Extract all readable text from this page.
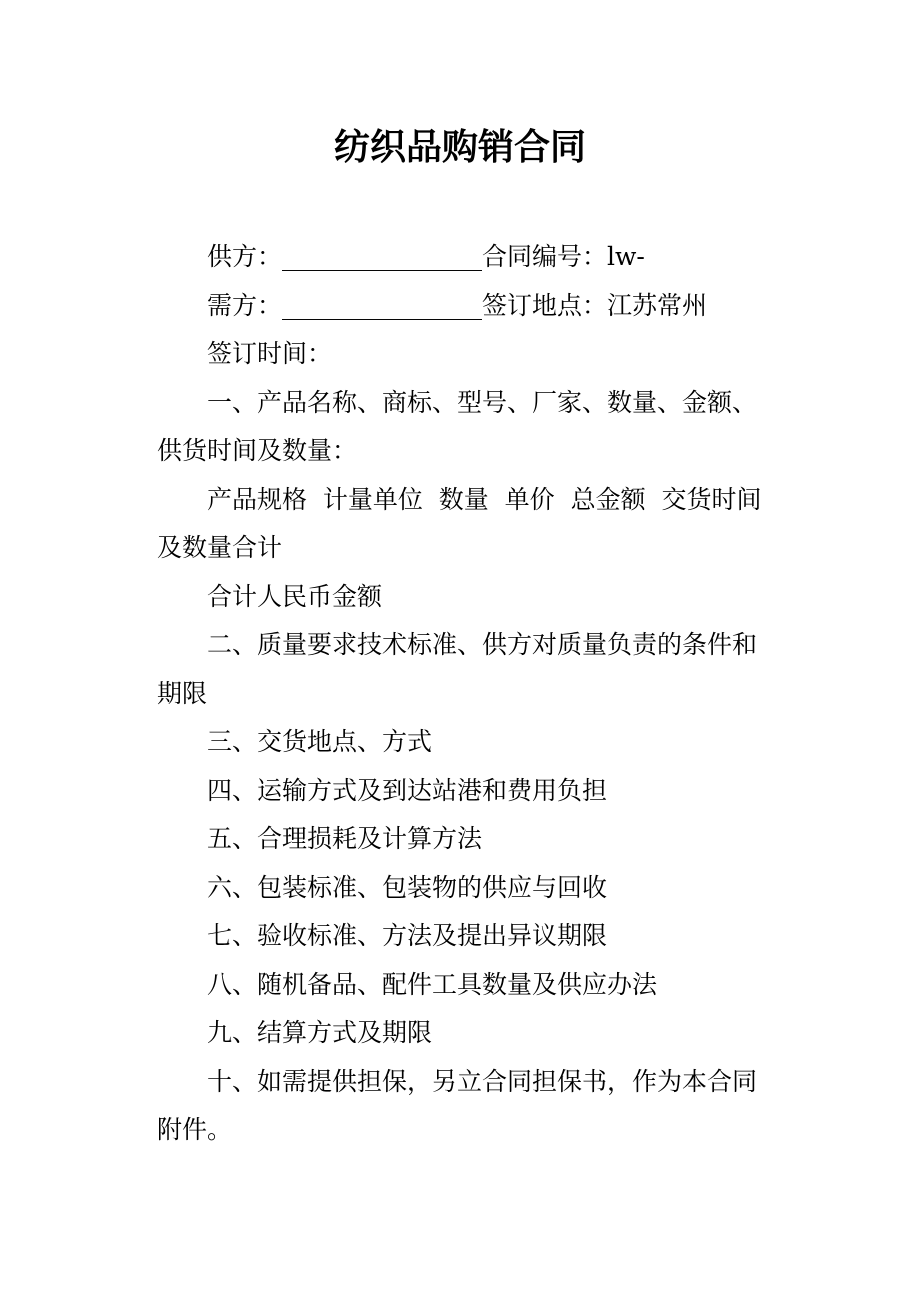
纺织品购销合同
供方：________________合同编号：lw-
需方：________________签订地点：江苏常州
签订时间：
一、产品名称、商标、型号、厂家、数量、金额、
供货时间及数量：
产品规格  计量单位  数量  单价  总金额  交货时间
及数量合计
合计人民币金额
二、质量要求技术标准、供方对质量负责的条件和
期限
三、交货地点、方式
四、运输方式及到达站港和费用负担
五、合理损耗及计算方法
六、包装标准、包装物的供应与回收
七、验收标准、方法及提出异议期限
八、随机备品、配件工具数量及供应办法
九、结算方式及期限
十、如需提供担保，另立合同担保书，作为本合同
附件。
